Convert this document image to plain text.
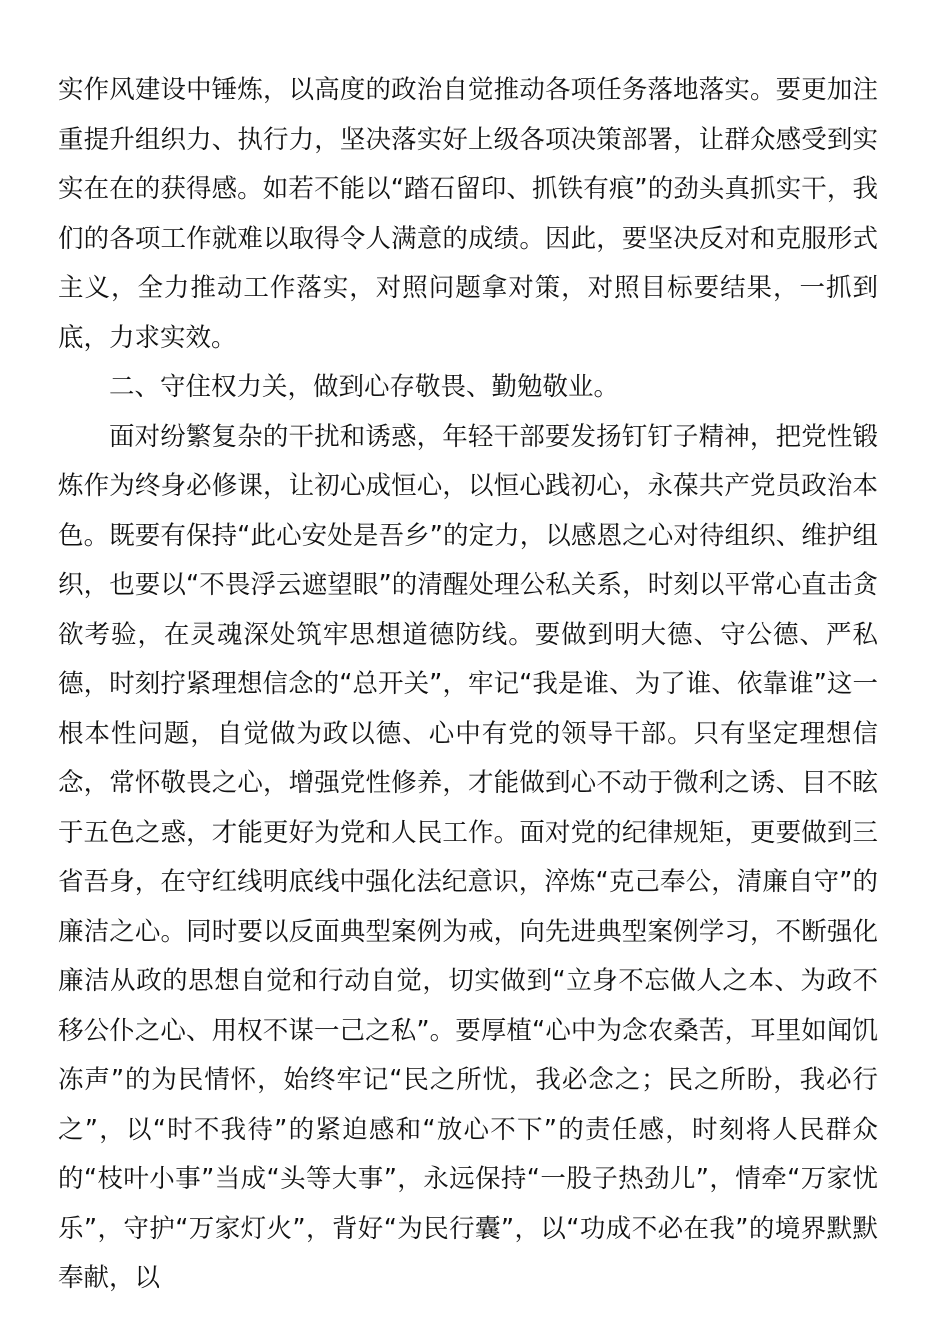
实作风建设中锤炼，以高度的政治自觉推动各项任务落地落实。要更加注重提升组织力、执行力，坚决落实好上级各项决策部署，让群众感受到实实在在的获得感。如若不能以“踏石留印、抓铁有痕”的劲头真抓实干，我们的各项工作就难以取得令人满意的成绩。因此，要坚决反对和克服形式主义，全力推动工作落实，对照问题拿对策，对照目标要结果，一抓到底，力求实效。

二、守住权力关，做到心存敬畏、勤勉敬业。

面对纷繁复杂的干扰和诱惑，年轻干部要发扬钉钉子精神，把党性锻炼作为终身必修课，让初心成恒心，以恒心践初心，永葆共产党员政治本色。既要有保持“此心安处是吾乡”的定力，以感恩之心对待组织、维护组织，也要以“不畏浮云遮望眼”的清醒处理公私关系，时刻以平常心直击贪欲考验，在灵魂深处筑牢思想道德防线。要做到明大德、守公德、严私德，时刻拧紧理想信念的“总开关”，牢记“我是谁、为了谁、依靠谁”这一根本性问题，自觉做为政以德、心中有党的领导干部。只有坚定理想信念，常怀敬畏之心，增强党性修养，才能做到心不动于微利之诱、目不眩于五色之惑，才能更好为党和人民工作。面对党的纪律规矩，更要做到三省吾身，在守红线明底线中强化法纪意识，淬炼“克己奉公，清廉自守”的廉洁之心。同时要以反面典型案例为戒，向先进典型案例学习，不断强化廉洁从政的思想自觉和行动自觉，切实做到“立身不忘做人之本、为政不移公仆之心、用权不谋一己之私”。要厚植“心中为念农桑苦，耳里如闻饥冻声”的为民情怀，始终牢记“民之所忧，我必念之；民之所盼，我必行之”，以“时不我待”的紧迫感和“放心不下”的责任感，时刻将人民群众的“枝叶小事”当成“头等大事”，永远保持“一股子热劲儿”，情牵“万家忧乐”，守护“万家灯火”，背好“为民行囊”，以“功成不必在我”的境界默默奉献，以
